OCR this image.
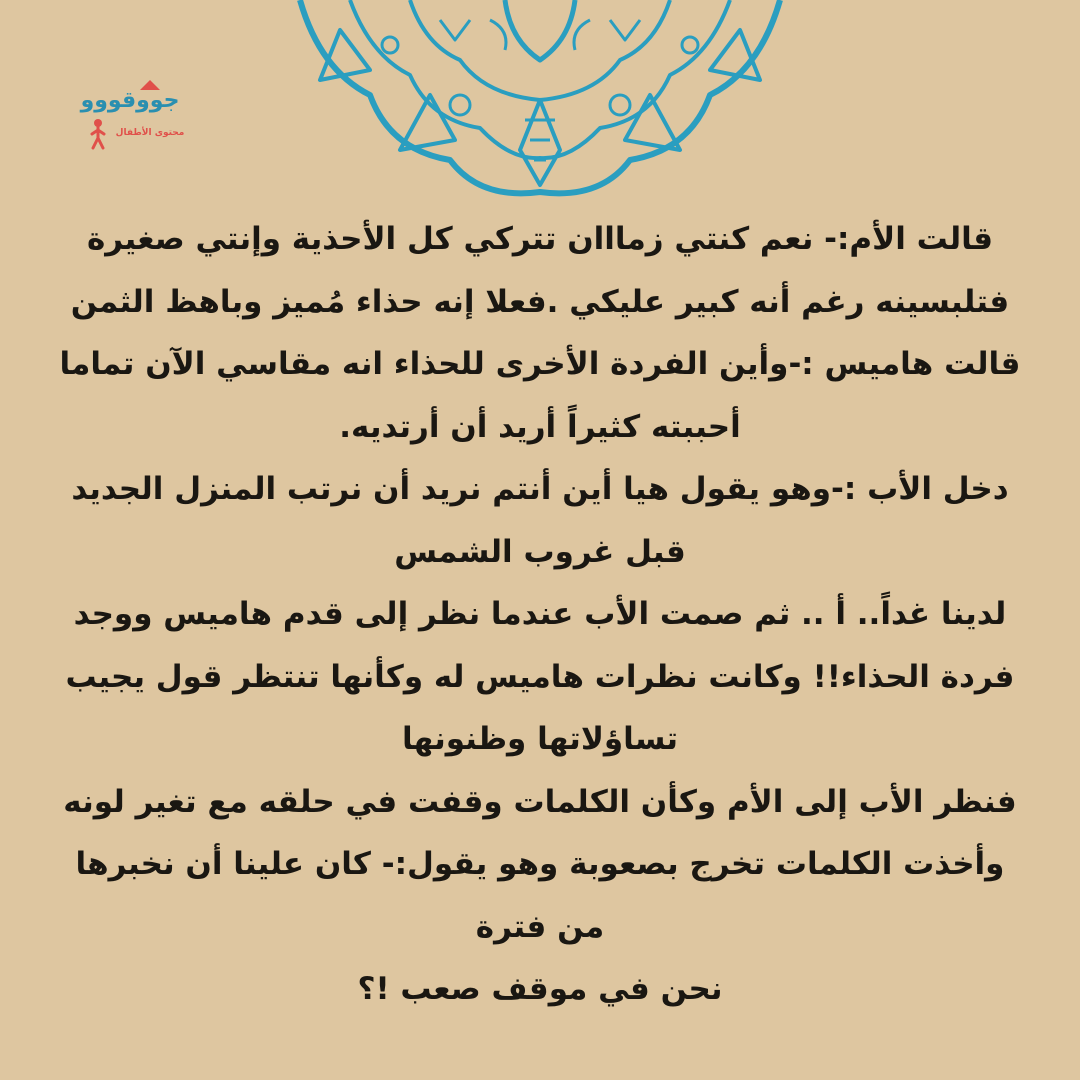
جووقووو
محتوى الأطفال
قالت الأم:- نعم كنتي زمااان تتركي كل الأحذية وإنتي صغيرة
فتلبسينه رغم أنه كبير عليكي .فعلا إنه حذاء مُميز وباهظ الثمن
قالت هاميس :-وأين الفردة الأخرى للحذاء انه مقاسي الآن تماما
أحببته كثيراً أريد أن أرتديه.
دخل الأب :-وهو يقول هيا أين أنتم نريد أن نرتب المنزل الجديد
قبل غروب الشمس
لدينا غداً.. أ .. ثم صمت الأب عندما نظر إلى قدم هاميس ووجد
فردة الحذاء!! وكانت نظرات هاميس له وكأنها تنتظر قول يجيب
تساؤلاتها وظنونها
فنظر الأب إلى الأم وكأن الكلمات وقفت في حلقه مع تغير لونه
وأخذت الكلمات تخرج بصعوبة وهو يقول:- كان علينا أن نخبرها
من فترة
نحن في موقف صعب !؟
